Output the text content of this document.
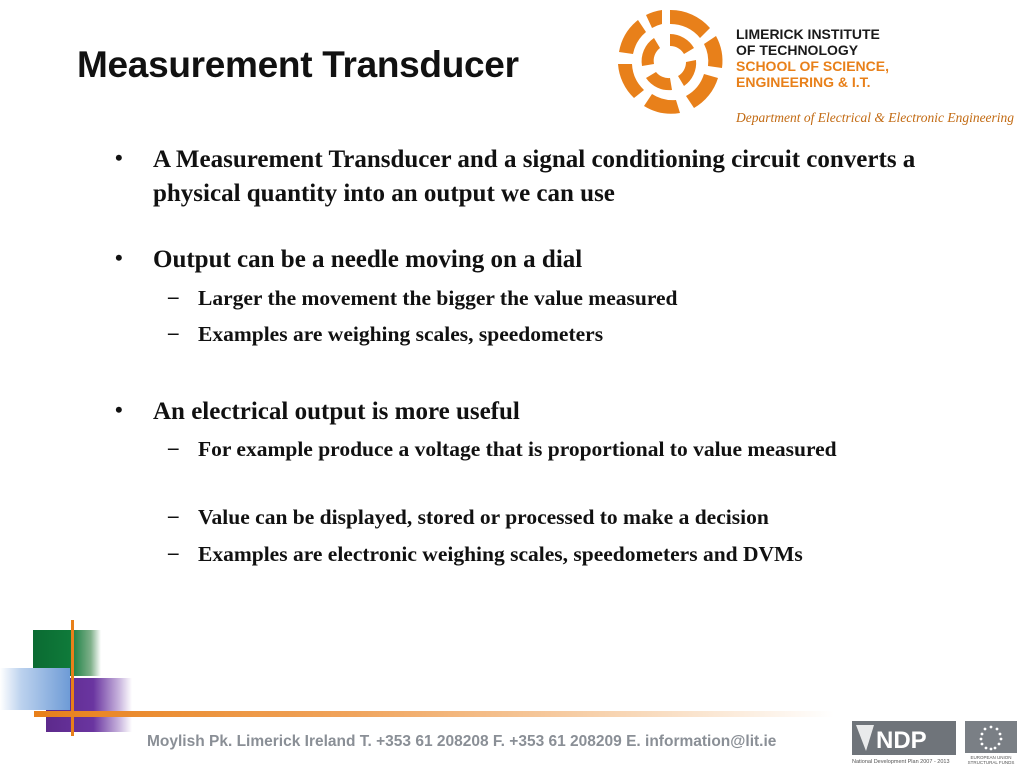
Measurement Transducer
LIMERICK INSTITUTE
OF TECHNOLOGY
SCHOOL OF SCIENCE,
ENGINEERING & I.T.
Department of Electrical & Electronic Engineering
• A Measurement Transducer and a signal conditioning circuit converts a physical quantity into an output we can use
• Output can be a needle moving on a dial
– Larger the movement the bigger the value measured
– Examples are weighing scales, speedometers
• An electrical output is more useful
– For example produce a voltage that is proportional to value measured
– Value can be displayed, stored or processed to make a decision
– Examples are electronic weighing scales, speedometers and DVMs
Moylish Pk. Limerick Ireland T. +353 61 208208 F. +353 61 208209 E. information@lit.ie	NDP
National Development Plan 2007 - 2013
EUROPEAN UNION
STRUCTURAL FUNDS
